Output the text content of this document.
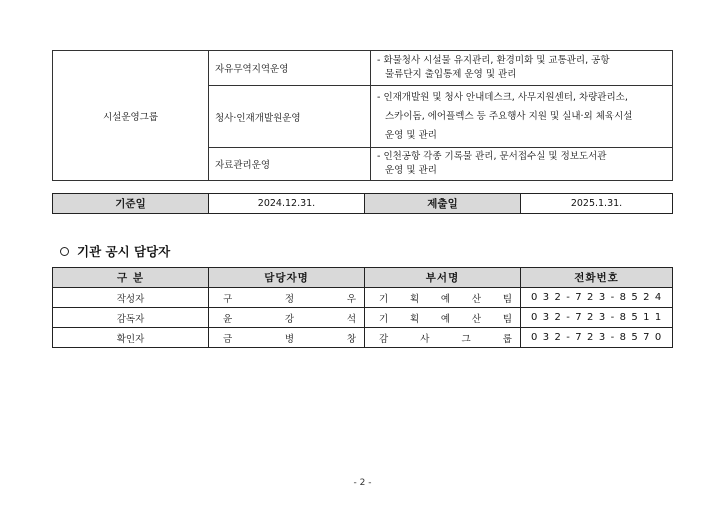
시설운영그룹	자유무역지역운영	- 화물청사 시설물 유지관리, 환경미화 및 교통관리, 공항
물류단지 출입통제 운영 및 관리

	청사·인재개발원운영	- 인재개발원 및 청사 안내데스크, 사무지원센터, 차량관리소,
스카이돔, 에어플렉스 등 주요행사 지원 및 실내·외 체육시설
운영 및 관리

	자료관리운영	- 인천공항 각종 기록물 관리, 문서접수실 및 정보도서관
운영 및 관리
기준일	2024.12.31.	제출일	2025.1.31.
기관 공시 담당자
구 분	담당자명	부서명	전화번호
작성자	구 정 우	기 획 예 산 팀	032-723-8524
감독자	윤 강 석	기 획 예 산 팀	032-723-8511
확인자	금 병 창	감 사 그 룹	032-723-8570
- 2 -
